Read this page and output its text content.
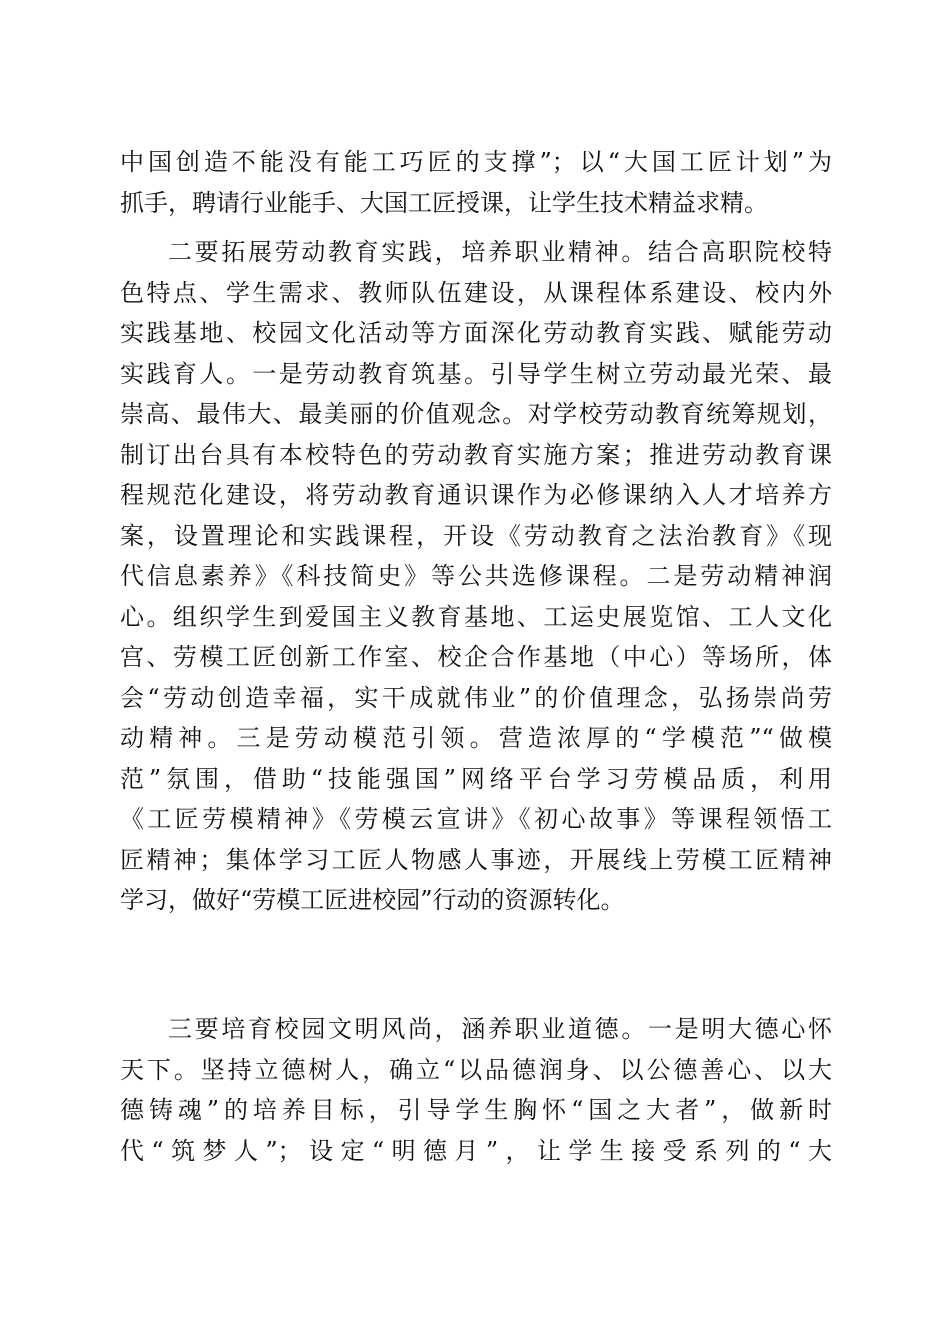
中国创造不能没有能工巧匠的支撑”；以“大国工匠计划”为
抓手，聘请行业能手、大国工匠授课，让学生技术精益求精。
二要拓展劳动教育实践，培养职业精神。结合高职院校特
色特点、学生需求、教师队伍建设，从课程体系建设、校内外
实践基地、校园文化活动等方面深化劳动教育实践、赋能劳动
实践育人。一是劳动教育筑基。引导学生树立劳动最光荣、最
崇高、最伟大、最美丽的价值观念。对学校劳动教育统筹规划，
制订出台具有本校特色的劳动教育实施方案；推进劳动教育课
程规范化建设，将劳动教育通识课作为必修课纳入人才培养方
案，设置理论和实践课程，开设《劳动教育之法治教育》《现
代信息素养》《科技简史》等公共选修课程。二是劳动精神润
心。组织学生到爱国主义教育基地、工运史展览馆、工人文化
宫、劳模工匠创新工作室、校企合作基地（中心）等场所，体
会“劳动创造幸福，实干成就伟业”的价值理念，弘扬崇尚劳
动精神。三是劳动模范引领。营造浓厚的“学模范”“做模
范”氛围，借助“技能强国”网络平台学习劳模品质，利用
《工匠劳模精神》《劳模云宣讲》《初心故事》等课程领悟工
匠精神；集体学习工匠人物感人事迹，开展线上劳模工匠精神
学习，做好“劳模工匠进校园”行动的资源转化。
三要培育校园文明风尚，涵养职业道德。一是明大德心怀
天下。坚持立德树人，确立“以品德润身、以公德善心、以大
德铸魂”的培养目标，引导学生胸怀“国之大者”，做新时
代“筑梦人”；设定“明德月”，让学生接受系列的“大
